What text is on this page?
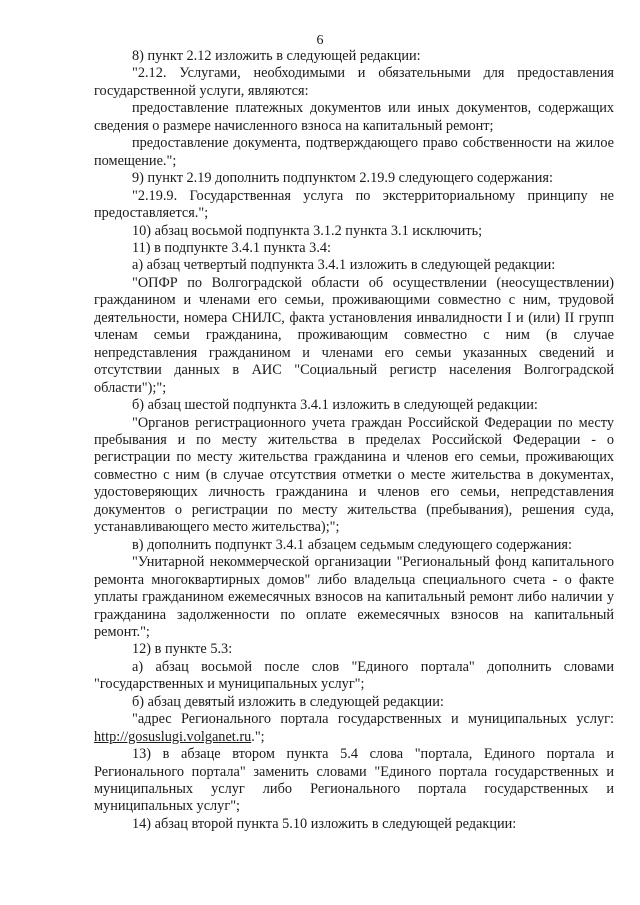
6

8) пункт 2.12 изложить в следующей редакции:

"2.12. Услугами, необходимыми и обязательными для предоставления государственной услуги, являются:

предоставление платежных документов или иных документов, содержащих сведения о размере начисленного взноса на капитальный ремонт;

предоставление документа, подтверждающего право собственности на жилое помещение.";

9) пункт 2.19 дополнить подпунктом 2.19.9 следующего содержания:

"2.19.9. Государственная услуга по экстерриториальному принципу не предоставляется.";

10) абзац восьмой подпункта 3.1.2 пункта 3.1 исключить;

11) в подпункте 3.4.1 пункта 3.4:

а) абзац четвертый подпункта 3.4.1 изложить в следующей редакции:

"ОПФР по Волгоградской области об осуществлении (неосуществлении) гражданином и членами его семьи, проживающими совместно с ним, трудовой деятельности, номера СНИЛС, факта установления инвалидности I и (или) II групп членам семьи гражданина, проживающим совместно с ним (в случае непредставления гражданином и членами его семьи указанных сведений и отсутствии данных в АИС "Социальный регистр населения Волгоградской области");";

б) абзац шестой подпункта 3.4.1 изложить в следующей редакции:

"Органов регистрационного учета граждан Российской Федерации по месту пребывания и по месту жительства в пределах Российской Федерации - о регистрации по месту жительства гражданина и членов его семьи, проживающих совместно с ним (в случае отсутствия отметки о месте жительства в документах, удостоверяющих личность гражданина и членов его семьи, непредставления документов о регистрации по месту жительства (пребывания), решения суда, устанавливающего место жительства);";

в) дополнить подпункт 3.4.1 абзацем седьмым следующего содержания:

"Унитарной некоммерческой организации "Региональный фонд капитального ремонта многоквартирных домов" либо владельца специального счета - о факте уплаты гражданином ежемесячных взносов на капитальный ремонт либо наличии у гражданина задолженности по оплате ежемесячных взносов на капитальный ремонт.";

12) в пункте 5.3:

а) абзац восьмой после слов "Единого портала" дополнить словами "государственных и муниципальных услуг";

б) абзац девятый изложить в следующей редакции:

"адрес Регионального портала государственных и муниципальных услуг: http://gosuslugi.volganet.ru.";

13) в абзаце втором пункта 5.4 слова "портала, Единого портала и Регионального портала" заменить словами "Единого портала государственных и муниципальных услуг либо Регионального портала государственных и муниципальных услуг";

14) абзац второй пункта 5.10 изложить в следующей редакции:
